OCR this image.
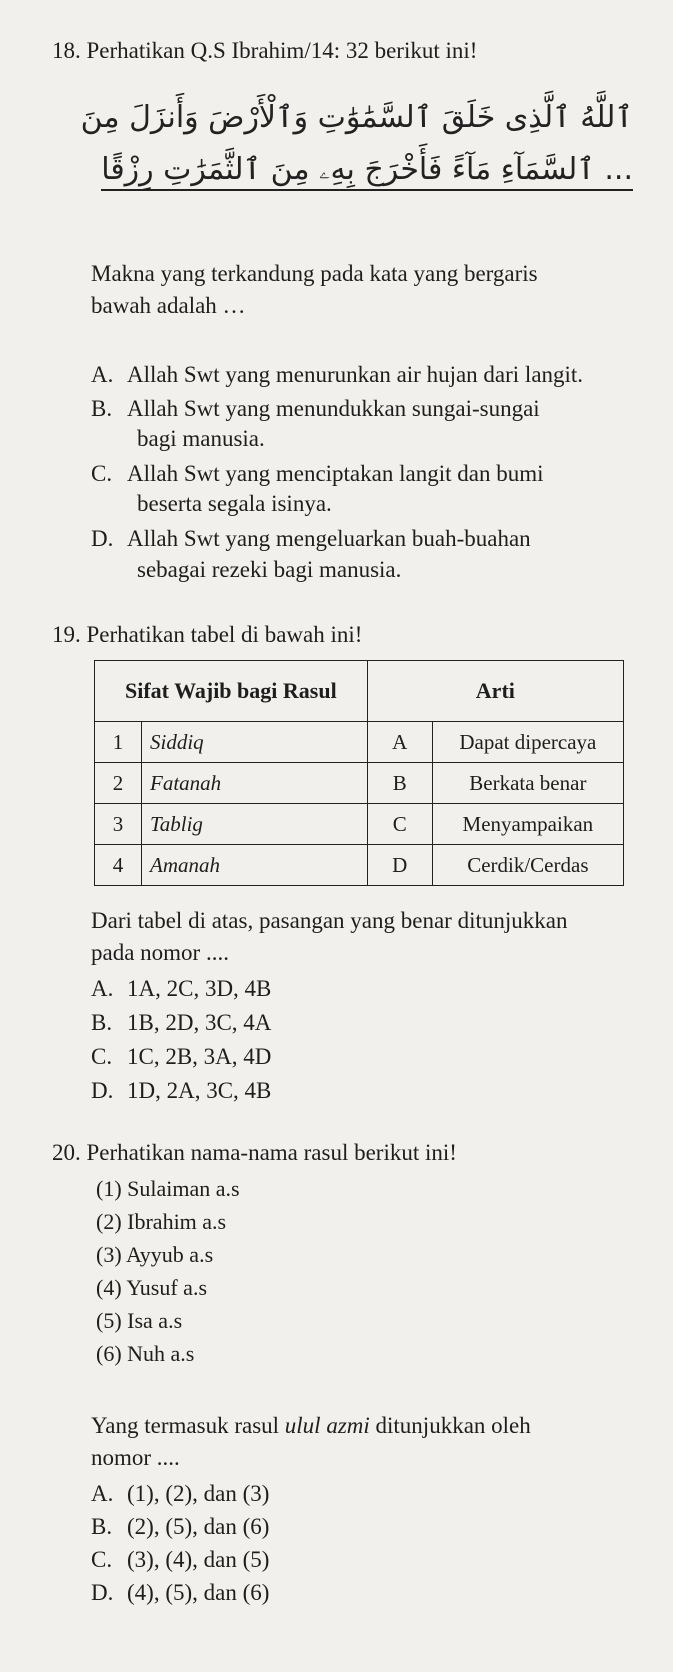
18. Perhatikan Q.S Ibrahim/14: 32 berikut ini!
ٱللَّهُ ٱلَّذِى خَلَقَ ٱلسَّمَٰوَٰتِ وَٱلْأَرْضَ وَأَنزَلَ مِنَ
... ٱلسَّمَآءِ مَآءً فَأَخْرَجَ بِهِۦ مِنَ ٱلثَّمَرَٰتِ رِزْقًا
Makna yang terkandung pada kata yang bergaris
bawah adalah …
A. Allah Swt yang menurunkan air hujan dari langit.
B. Allah Swt yang menundukkan sungai-sungai
bagi manusia.
C. Allah Swt yang menciptakan langit dan bumi
beserta segala isinya.
D. Allah Swt yang mengeluarkan buah-buahan
sebagai rezeki bagi manusia.
19. Perhatikan tabel di bawah ini!
Sifat Wajib bagi Rasul		Arti	
1	Siddiq	A	Dapat dipercaya
2	Fatanah	B	Berkata benar
3	Tablig	C	Menyampaikan
4	Amanah	D	Cerdik/Cerdas
Dari tabel di atas, pasangan yang benar ditunjukkan
pada nomor ....
A. 1A, 2C, 3D, 4B
B. 1B, 2D, 3C, 4A
C. 1C, 2B, 3A, 4D
D. 1D, 2A, 3C, 4B
20. Perhatikan nama-nama rasul berikut ini!
(1) Sulaiman a.s
(2) Ibrahim a.s
(3) Ayyub a.s
(4) Yusuf a.s
(5) Isa a.s
(6) Nuh a.s
Yang termasuk rasul ulul azmi ditunjukkan oleh
nomor ....
A. (1), (2), dan (3)
B. (2), (5), dan (6)
C. (3), (4), dan (5)
D. (4), (5), dan (6)
